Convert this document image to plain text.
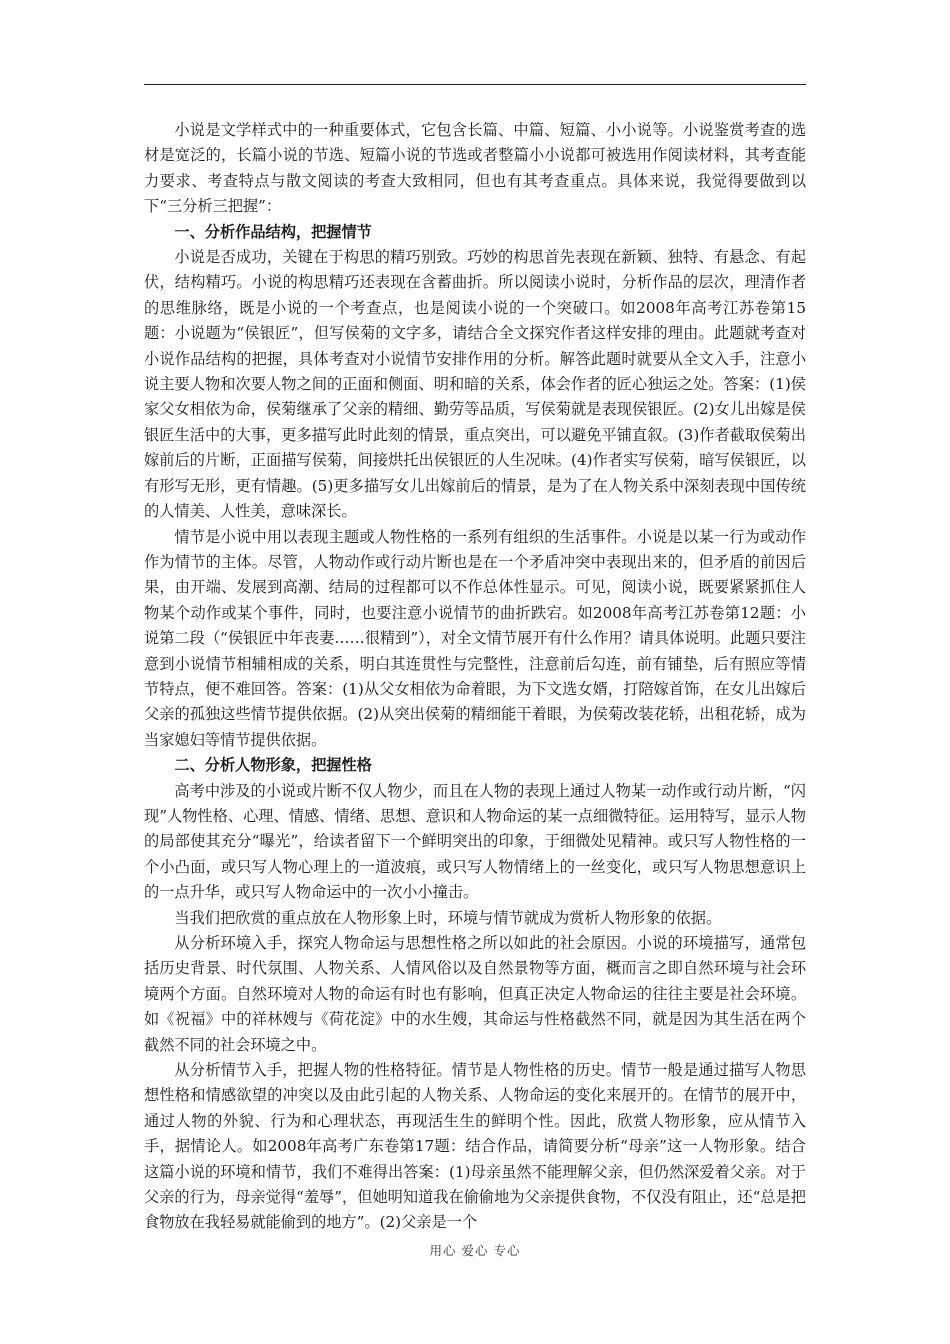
小说是文学样式中的一种重要体式，它包含长篇、中篇、短篇、小小说等。小说鉴赏考查的选材是宽泛的，长篇小说的节选、短篇小说的节选或者整篇小小说都可被选用作阅读材料，其考查能力要求、考查特点与散文阅读的考查大致相同，但也有其考查重点。具体来说，我觉得要做到以下“三分析三把握”：

一、分析作品结构，把握情节

小说是否成功，关键在于构思的精巧别致。巧妙的构思首先表现在新颖、独特、有悬念、有起伏，结构精巧。小说的构思精巧还表现在含蓄曲折。所以阅读小说时，分析作品的层次，理清作者的思维脉络，既是小说的一个考查点，也是阅读小说的一个突破口。如2008年高考江苏卷第15题：小说题为“侯银匠”，但写侯菊的文字多，请结合全文探究作者这样安排的理由。此题就考查对小说作品结构的把握，具体考查对小说情节安排作用的分析。解答此题时就要从全文入手，注意小说主要人物和次要人物之间的正面和侧面、明和暗的关系，体会作者的匠心独运之处。答案：(1)侯家父女相依为命，侯菊继承了父亲的精细、勤劳等品质，写侯菊就是表现侯银匠。(2)女儿出嫁是侯银匠生活中的大事，更多描写此时此刻的情景，重点突出，可以避免平铺直叙。(3)作者截取侯菊出嫁前后的片断，正面描写侯菊，间接烘托出侯银匠的人生况味。(4)作者实写侯菊，暗写侯银匠，以有形写无形，更有情趣。(5)更多描写女儿出嫁前后的情景，是为了在人物关系中深刻表现中国传统的人情美、人性美，意味深长。

情节是小说中用以表现主题或人物性格的一系列有组织的生活事件。小说是以某一行为或动作作为情节的主体。尽管，人物动作或行动片断也是在一个矛盾冲突中表现出来的，但矛盾的前因后果，由开端、发展到高潮、结局的过程都可以不作总体性显示。可见，阅读小说，既要紧紧抓住人物某个动作或某个事件，同时，也要注意小说情节的曲折跌宕。如2008年高考江苏卷第12题：小说第二段（“侯银匠中年丧妻……很精到”），对全文情节展开有什么作用？请具体说明。此题只要注意到小说情节相辅相成的关系，明白其连贯性与完整性，注意前后勾连，前有铺垫，后有照应等情节特点，便不难回答。答案：(1)从父女相依为命着眼，为下文选女婿，打陪嫁首饰，在女儿出嫁后父亲的孤独这些情节提供依据。(2)从突出侯菊的精细能干着眼，为侯菊改装花轿，出租花轿，成为当家媳妇等情节提供依据。

二、分析人物形象，把握性格

高考中涉及的小说或片断不仅人物少，而且在人物的表现上通过人物某一动作或行动片断，“闪现”人物性格、心理、情感、情绪、思想、意识和人物命运的某一点细微特征。运用特写，显示人物的局部使其充分“曝光”，给读者留下一个鲜明突出的印象，于细微处见精神。或只写人物性格的一个小凸面，或只写人物心理上的一道波痕，或只写人物情绪上的一丝变化，或只写人物思想意识上的一点升华，或只写人物命运中的一次小小撞击。

当我们把欣赏的重点放在人物形象上时，环境与情节就成为赏析人物形象的依据。

从分析环境入手，探究人物命运与思想性格之所以如此的社会原因。小说的环境描写，通常包括历史背景、时代氛围、人物关系、人情风俗以及自然景物等方面，概而言之即自然环境与社会环境两个方面。自然环境对人物的命运有时也有影响，但真正决定人物命运的往往主要是社会环境。如《祝福》中的祥林嫂与《荷花淀》中的水生嫂，其命运与性格截然不同，就是因为其生活在两个截然不同的社会环境之中。

从分析情节入手，把握人物的性格特征。情节是人物性格的历史。情节一般是通过描写人物思想性格和情感欲望的冲突以及由此引起的人物关系、人物命运的变化来展开的。在情节的展开中，通过人物的外貌、行为和心理状态，再现活生生的鲜明个性。因此，欣赏人物形象，应从情节入手，据情论人。如2008年高考广东卷第17题：结合作品，请简要分析“母亲”这一人物形象。结合这篇小说的环境和情节，我们不难得出答案：(1)母亲虽然不能理解父亲，但仍然深爱着父亲。对于父亲的行为，母亲觉得“羞辱”，但她明知道我在偷偷地为父亲提供食物，不仅没有阻止，还“总是把食物放在我轻易就能偷到的地方”。(2)父亲是一个

用心 爱心 专心
